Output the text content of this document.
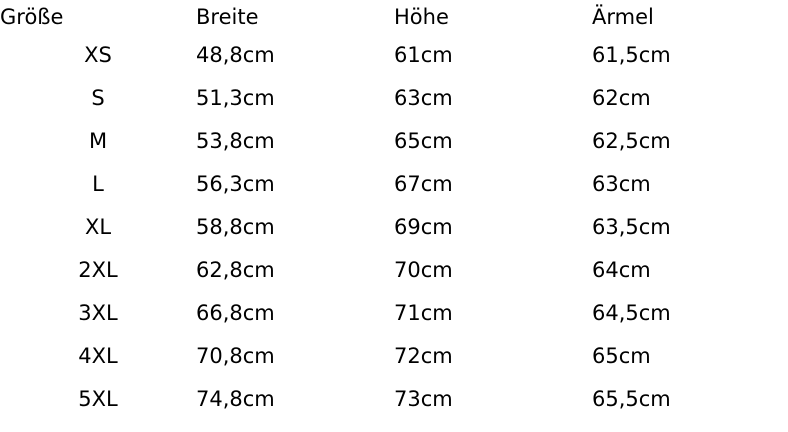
Größe	Breite	Höhe	Ärmel
XS	48,8cm	61cm	61,5cm
S	51,3cm	63cm	62cm
M	53,8cm	65cm	62,5cm
L	56,3cm	67cm	63cm
XL	58,8cm	69cm	63,5cm
2XL	62,8cm	70cm	64cm
3XL	66,8cm	71cm	64,5cm
4XL	70,8cm	72cm	65cm
5XL	74,8cm	73cm	65,5cm
